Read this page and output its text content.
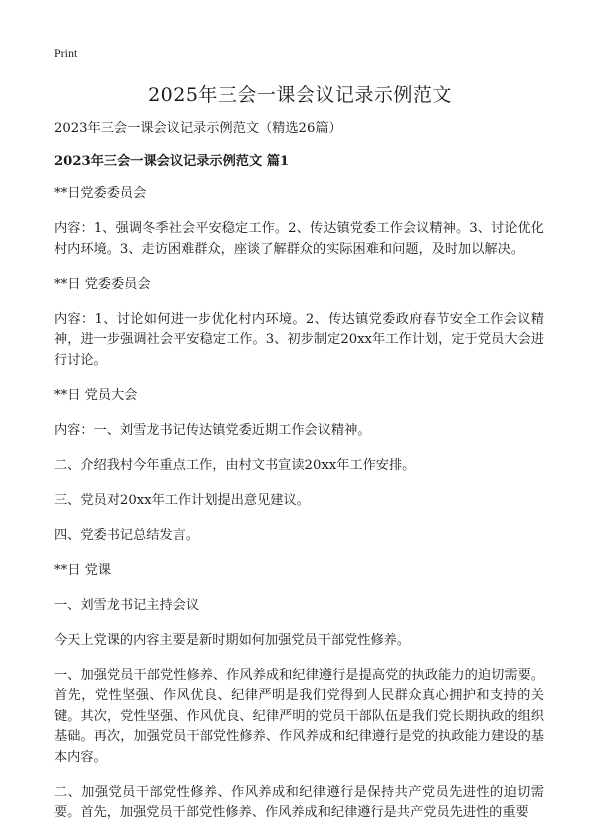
Print
2025年三会一课会议记录示例范文

2023年三会一课会议记录示例范文（精选26篇）

2023年三会一课会议记录示例范文 篇1

**日党委委员会

内容：1、强调冬季社会平安稳定工作。2、传达镇党委工作会议精神。3、讨论优化村内环境。3、走访困难群众，座谈了解群众的实际困难和问题，及时加以解决。

**日 党委委员会

内容：1、讨论如何进一步优化村内环境。2、传达镇党委政府春节安全工作会议精神，进一步强调社会平安稳定工作。3、初步制定20xx年工作计划，定于党员大会进行讨论。

**日 党员大会

内容：一、刘雪龙书记传达镇党委近期工作会议精神。

二、介绍我村今年重点工作，由村文书宣读20xx年工作安排。

三、党员对20xx年工作计划提出意见建议。

四、党委书记总结发言。

**日 党课

一、刘雪龙书记主持会议

今天上党课的内容主要是新时期如何加强党员干部党性修养。

一、加强党员干部党性修养、作风养成和纪律遵行是提高党的执政能力的迫切需要。首先，党性坚强、作风优良、纪律严明是我们党得到人民群众真心拥护和支持的关键。其次，党性坚强、作风优良、纪律严明的党员干部队伍是我们党长期执政的组织基础。再次，加强党员干部党性修养、作风养成和纪律遵行是党的执政能力建设的基本内容。

二、加强党员干部党性修养、作风养成和纪律遵行是保持共产党员先进性的迫切需要。首先，加强党员干部党性修养、作风养成和纪律遵行是共产党员先进性的重要
